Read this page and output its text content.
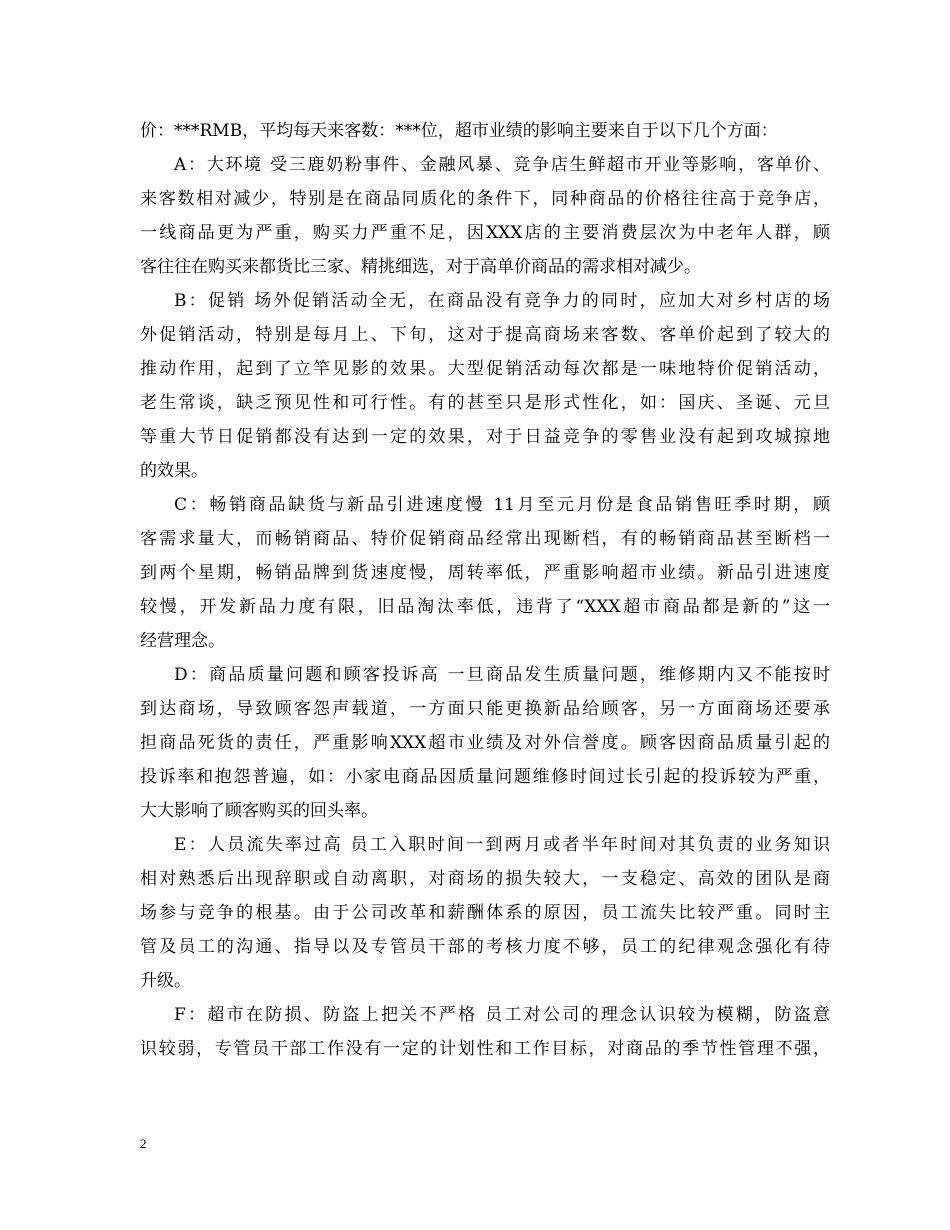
价：***RMB，平均每天来客数：***位，超市业绩的影响主要来自于以下几个方面：
A：大环境 受三鹿奶粉事件、金融风暴、竞争店生鲜超市开业等影响，客单价、
来客数相对减少，特别是在商品同质化的条件下，同种商品的价格往往高于竞争店，
一线商品更为严重，购买力严重不足，因XXX店的主要消费层次为中老年人群，顾
客往往在购买来都货比三家、精挑细选，对于高单价商品的需求相对减少。
B：促销 场外促销活动全无，在商品没有竞争力的同时，应加大对乡村店的场
外促销活动，特别是每月上、下旬，这对于提高商场来客数、客单价起到了较大的
推动作用，起到了立竿见影的效果。大型促销活动每次都是一味地特价促销活动，
老生常谈，缺乏预见性和可行性。有的甚至只是形式性化，如：国庆、圣诞、元旦
等重大节日促销都没有达到一定的效果，对于日益竞争的零售业没有起到攻城掠地
的效果。
C：畅销商品缺货与新品引进速度慢 11月至元月份是食品销售旺季时期，顾
客需求量大，而畅销商品、特价促销商品经常出现断档，有的畅销商品甚至断档一
到两个星期，畅销品牌到货速度慢，周转率低，严重影响超市业绩。新品引进速度
较慢，开发新品力度有限，旧品淘汰率低，违背了“XXX超市商品都是新的”这一
经营理念。
D：商品质量问题和顾客投诉高 一旦商品发生质量问题，维修期内又不能按时
到达商场，导致顾客怨声载道，一方面只能更换新品给顾客，另一方面商场还要承
担商品死货的责任，严重影响XXX超市业绩及对外信誉度。顾客因商品质量引起的
投诉率和抱怨普遍，如：小家电商品因质量问题维修时间过长引起的投诉较为严重，
大大影响了顾客购买的回头率。
E：人员流失率过高 员工入职时间一到两月或者半年时间对其负责的业务知识
相对熟悉后出现辞职或自动离职，对商场的损失较大，一支稳定、高效的团队是商
场参与竞争的根基。由于公司改革和薪酬体系的原因，员工流失比较严重。同时主
管及员工的沟通、指导以及专管员干部的考核力度不够，员工的纪律观念强化有待
升级。
F：超市在防损、防盗上把关不严格 员工对公司的理念认识较为模糊，防盗意
识较弱，专管员干部工作没有一定的计划性和工作目标，对商品的季节性管理不强，
2
